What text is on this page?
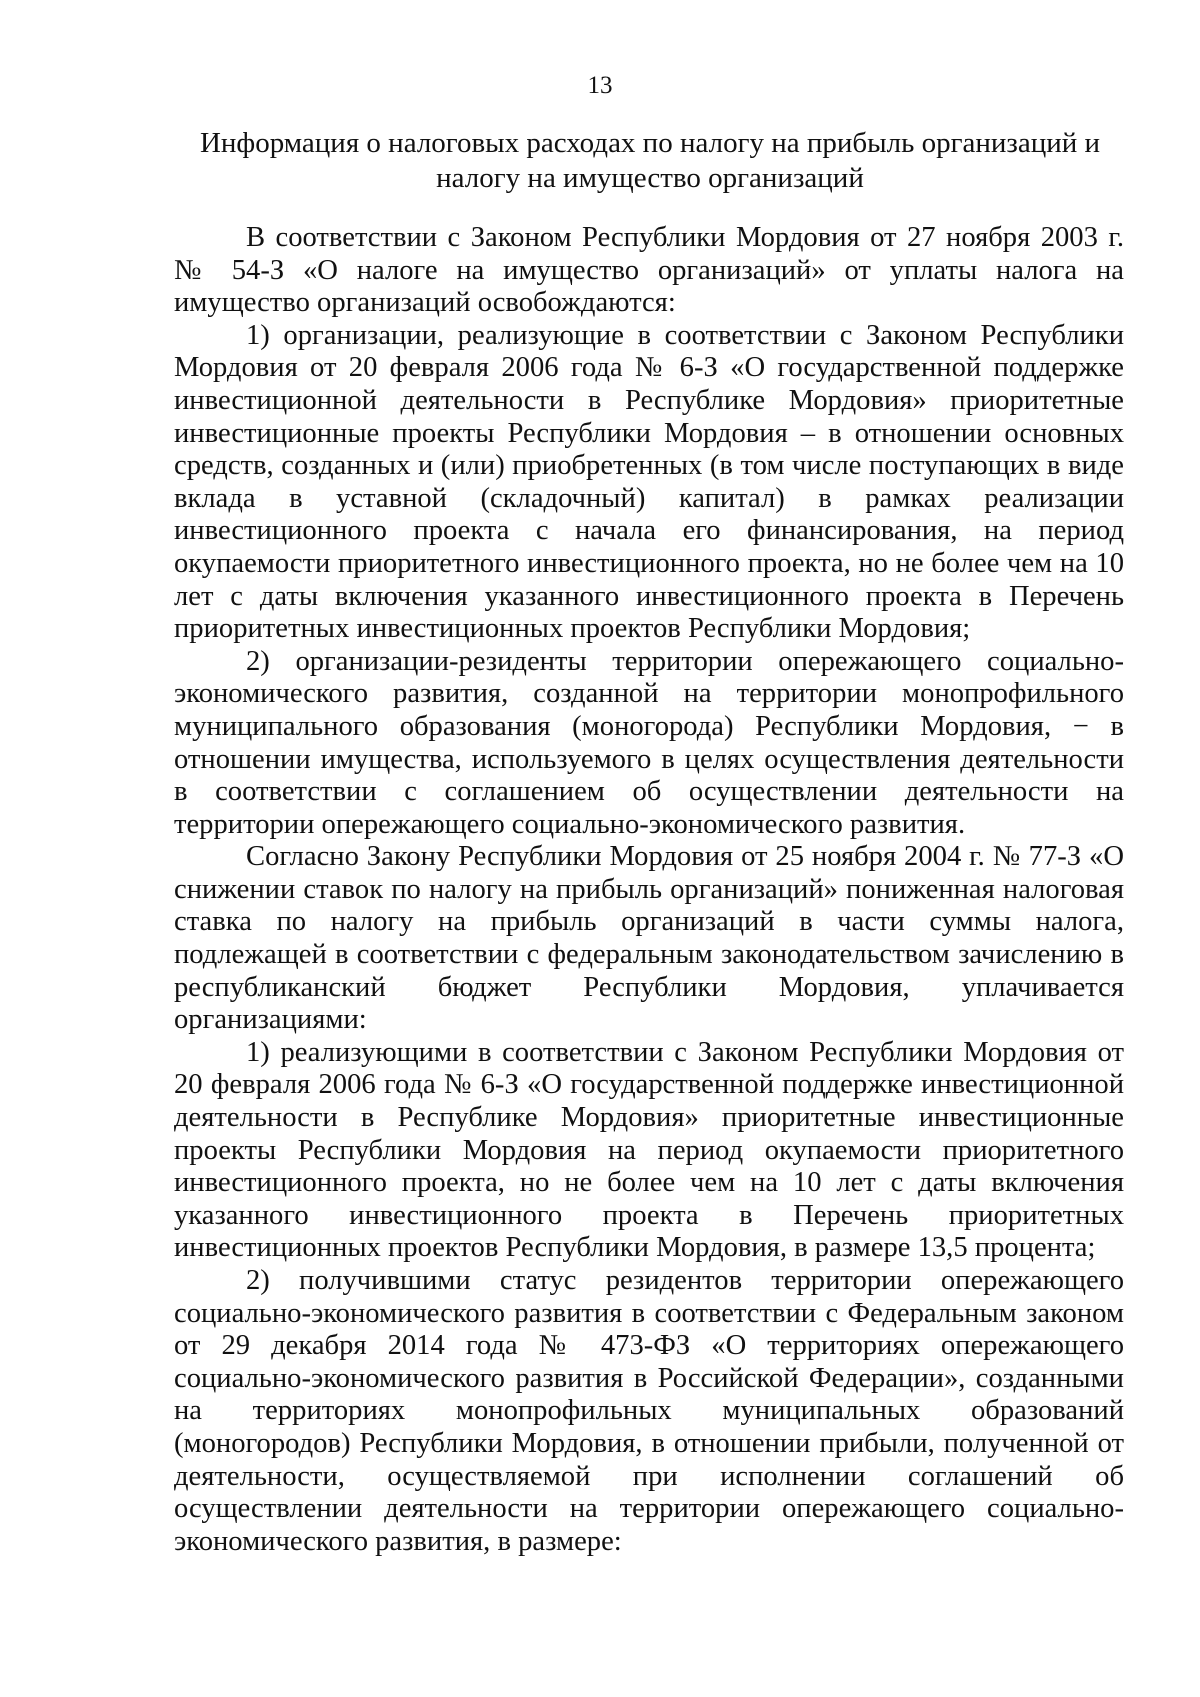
13
Информация о налоговых расходах по налогу на прибыль организаций и
налогу на имущество организаций

В соответствии с Законом Республики Мордовия от 27 ноября 2003 г. № 54-З «О налоге на имущество организаций» от уплаты налога на имущество организаций освобождаются:

1) организации, реализующие в соответствии с Законом Республики Мордовия от 20 февраля 2006 года № 6-З «О государственной поддержке инвестиционной деятельности в Республике Мордовия» приоритетные инвестиционные проекты Республики Мордовия – в отношении основных средств, созданных и (или) приобретенных (в том числе поступающих в виде вклада в уставной (складочный) капитал) в рамках реализации инвестиционного проекта с начала его финансирования, на период окупаемости приоритетного инвестиционного проекта, но не более чем на 10 лет с даты включения указанного инвестиционного проекта в Перечень приоритетных инвестиционных проектов Республики Мордовия;

2) организации-резиденты территории опережающего социально-экономического развития, созданной на территории монопрофильного муниципального образования (моногорода) Республики Мордовия, − в отношении имущества, используемого в целях осуществления деятельности в соответствии с соглашением об осуществлении деятельности на территории опережающего социально-экономического развития.

Согласно Закону Республики Мордовия от 25 ноября 2004 г. № 77-З «О снижении ставок по налогу на прибыль организаций» пониженная налоговая ставка по налогу на прибыль организаций в части суммы налога, подлежащей в соответствии с федеральным законодательством зачислению в республиканский бюджет Республики Мордовия, уплачивается организациями:

1) реализующими в соответствии с Законом Республики Мордовия от 20 февраля 2006 года № 6-З «О государственной поддержке инвестиционной деятельности в Республике Мордовия» приоритетные инвестиционные проекты Республики Мордовия на период окупаемости приоритетного инвестиционного проекта, но не более чем на 10 лет с даты включения указанного инвестиционного проекта в Перечень приоритетных инвестиционных проектов Республики Мордовия, в размере 13,5 процента;

2) получившими статус резидентов территории опережающего социально-экономического развития в соответствии с Федеральным законом от 29 декабря 2014 года № 473-ФЗ «О территориях опережающего социально-экономического развития в Российской Федерации», созданными на территориях монопрофильных муниципальных образований (моногородов) Республики Мордовия, в отношении прибыли, полученной от деятельности, осуществляемой при исполнении соглашений об осуществлении деятельности на территории опережающего социально-экономического развития, в размере:
